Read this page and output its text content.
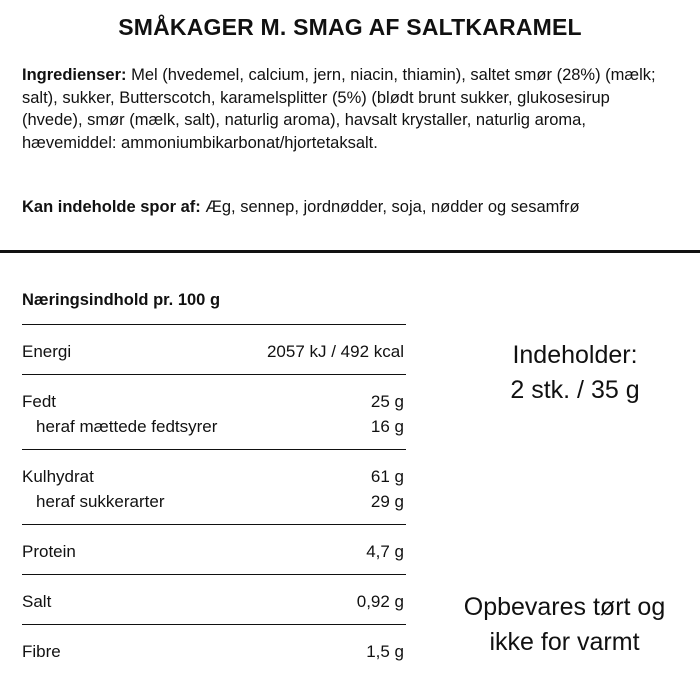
SMÅKAGER M. SMAG AF SALTKARAMEL
Ingredienser: Mel (hvedemel, calcium, jern, niacin, thiamin), saltet smør (28%) (mælk; salt), sukker, Butterscotch, karamelsplitter (5%) (blødt brunt sukker, glukosesirup (hvede), smør (mælk, salt), naturlig aroma), havsalt krystaller, naturlig aroma, hævemiddel: ammoniumbikarbonat/hjortetaksalt.
Kan indeholde spor af: Æg, sennep, jordnødder, soja, nødder og sesamfrø
Næringsindhold pr. 100 g
Energi	2057 kJ / 492 kcal
Fedt	25 g
heraf mættede fedtsyrer	16 g
Kulhydrat	61 g
heraf sukkerarter	29 g
Protein	4,7 g
Salt	0,92 g
Fibre	1,5 g
Indeholder:
2 stk. / 35 g
Opbevares tørt og
ikke for varmt
